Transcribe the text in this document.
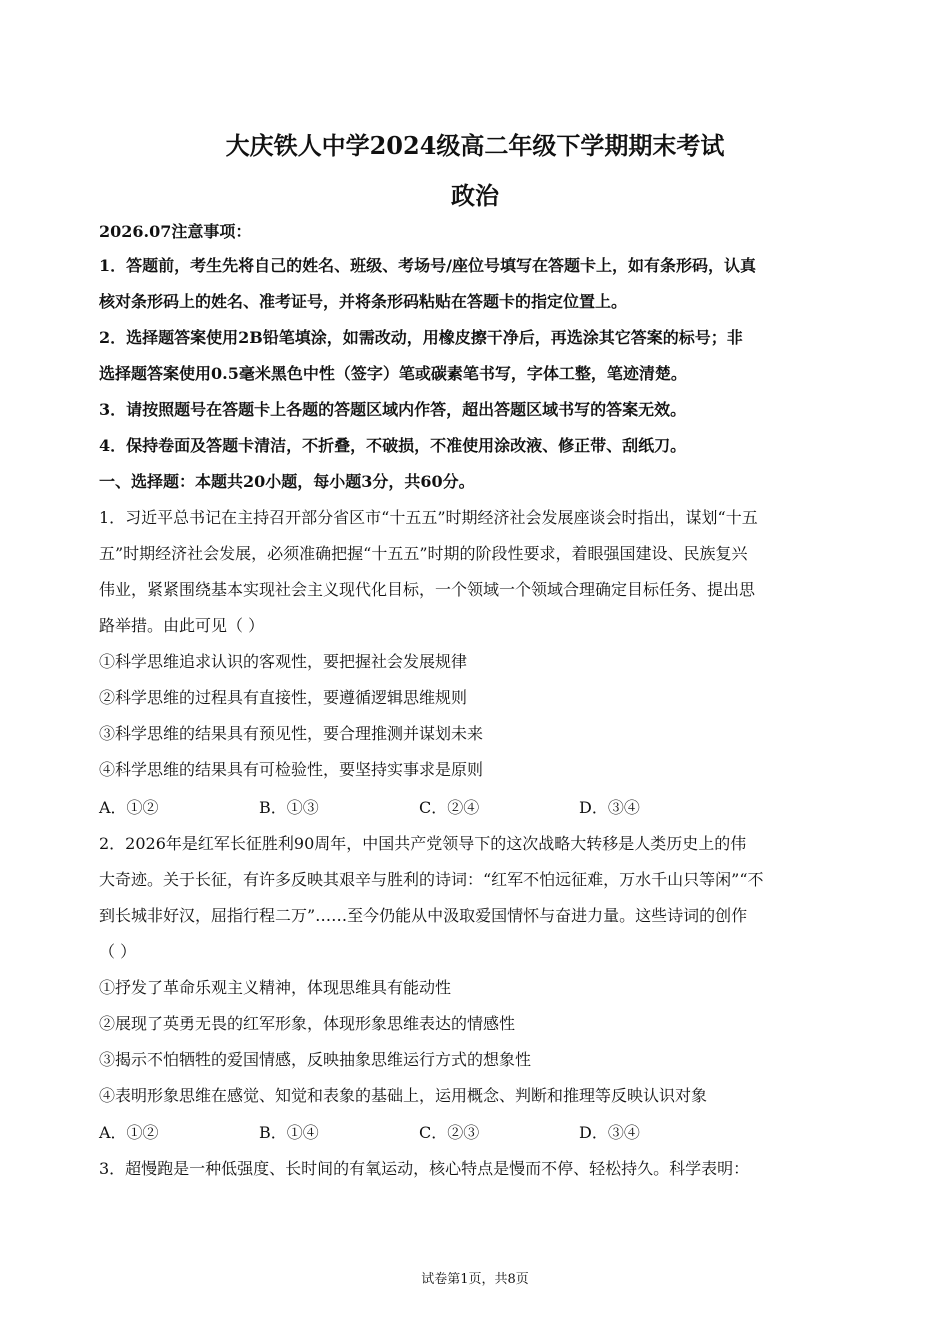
大庆铁人中学2024级高二年级下学期期末考试
政治
2026.07注意事项：
1．答题前，考生先将自己的姓名、班级、考场号/座位号填写在答题卡上，如有条形码，认真
核对条形码上的姓名、准考证号，并将条形码粘贴在答题卡的指定位置上。
2．选择题答案使用2B铅笔填涂，如需改动，用橡皮擦干净后，再选涂其它答案的标号；非
选择题答案使用0.5毫米黑色中性（签字）笔或碳素笔书写，字体工整，笔迹清楚。
3．请按照题号在答题卡上各题的答题区域内作答，超出答题区域书写的答案无效。
4．保持卷面及答题卡清洁，不折叠，不破损，不准使用涂改液、修正带、刮纸刀。
一、选择题：本题共20小题，每小题3分，共60分。
1．习近平总书记在主持召开部分省区市“十五五”时期经济社会发展座谈会时指出，谋划“十五
五”时期经济社会发展，必须准确把握“十五五”时期的阶段性要求，着眼强国建设、民族复兴
伟业，紧紧围绕基本实现社会主义现代化目标，一个领域一个领域合理确定目标任务、提出思
路举措。由此可见（ ）
①科学思维追求认识的客观性，要把握社会发展规律
②科学思维的过程具有直接性，要遵循逻辑思维规则
③科学思维的结果具有预见性，要合理推测并谋划未来
④科学思维的结果具有可检验性，要坚持实事求是原则
A．①②	B．①③	C．②④	D．③④
2．2026年是红军长征胜利90周年，中国共产党领导下的这次战略大转移是人类历史上的伟
大奇迹。关于长征，有许多反映其艰辛与胜利的诗词：“红军不怕远征难，万水千山只等闲”“不
到长城非好汉，屈指行程二万”……至今仍能从中汲取爱国情怀与奋进力量。这些诗词的创作
（ ）
①抒发了革命乐观主义精神，体现思维具有能动性
②展现了英勇无畏的红军形象，体现形象思维表达的情感性
③揭示不怕牺牲的爱国情感，反映抽象思维运行方式的想象性
④表明形象思维在感觉、知觉和表象的基础上，运用概念、判断和推理等反映认识对象
A．①②	B．①④	C．②③	D．③④
3．超慢跑是一种低强度、长时间的有氧运动，核心特点是慢而不停、轻松持久。科学表明：
试卷第1页，共8页
